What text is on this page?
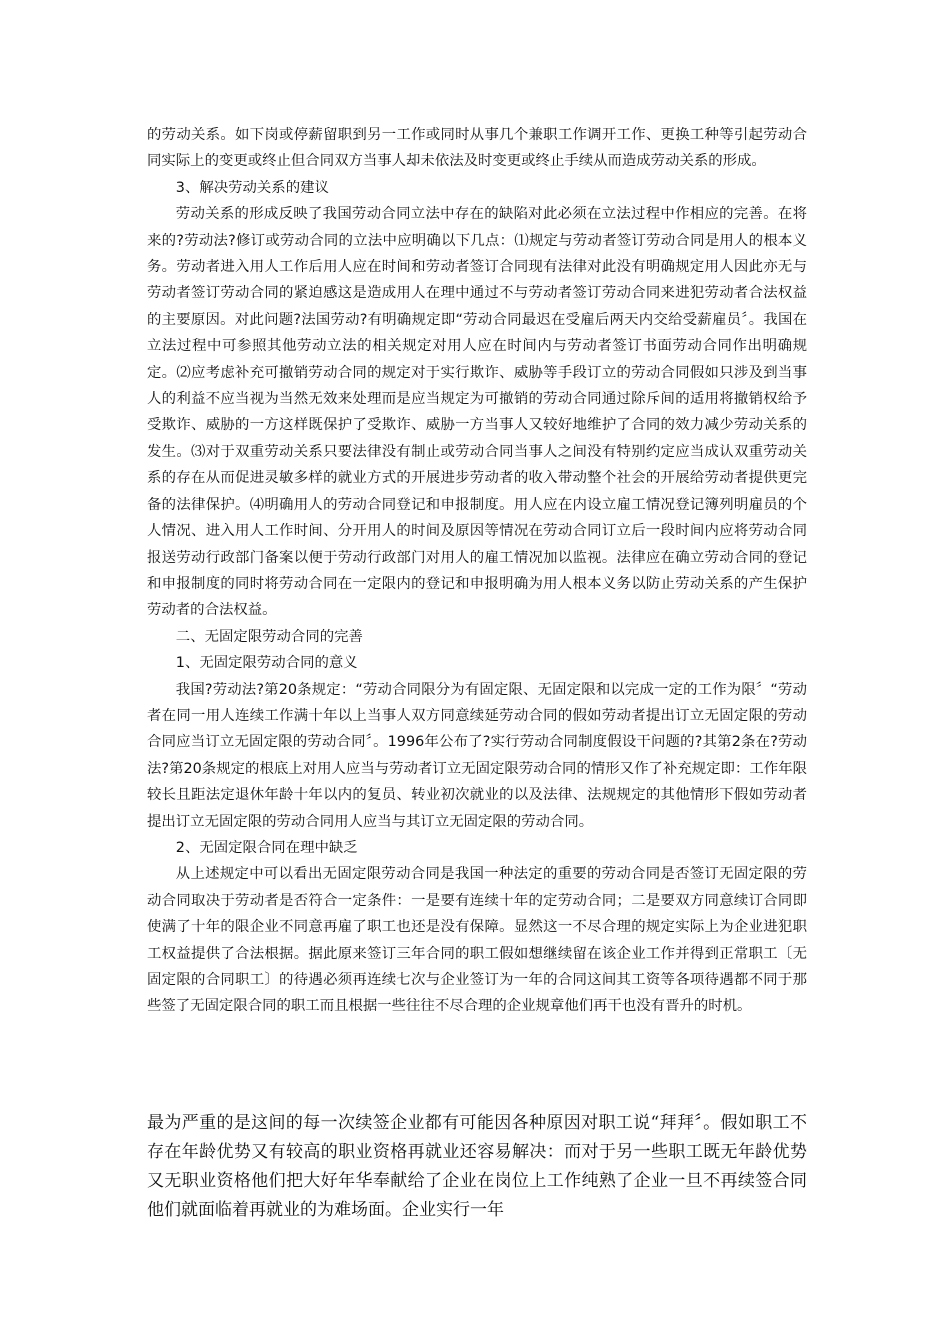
的劳动关系。如下岗或停薪留职到另一工作或同时从事几个兼职工作调开工作、更换工种等引起劳动合同实际上的变更或终止但合同双方当事人却未依法及时变更或终止手续从而造成劳动关系的形成。

3、解决劳动关系的建议

劳动关系的形成反映了我国劳动合同立法中存在的缺陷对此必须在立法过程中作相应的完善。在将来的?劳动法?修订或劳动合同的立法中应明确以下几点：⑴规定与劳动者签订劳动合同是用人的根本义务。劳动者进入用人工作后用人应在时间和劳动者签订合同现有法律对此没有明确规定用人因此亦无与劳动者签订劳动合同的紧迫感这是造成用人在理中通过不与劳动者签订劳动合同来进犯劳动者合法权益的主要原因。对此问题?法国劳动?有明确规定即“劳动合同最迟在受雇后两天内交给受薪雇员〞。我国在立法过程中可参照其他劳动立法的相关规定对用人应在时间内与劳动者签订书面劳动合同作出明确规定。⑵应考虑补充可撤销劳动合同的规定对于实行欺诈、威胁等手段订立的劳动合同假如只涉及到当事人的利益不应当视为当然无效来处理而是应当规定为可撤销的劳动合同通过除斥间的适用将撤销权给予受欺诈、威胁的一方这样既保护了受欺诈、威胁一方当事人又较好地维护了合同的效力减少劳动关系的发生。⑶对于双重劳动关系只要法律没有制止或劳动合同当事人之间没有特别约定应当成认双重劳动关系的存在从而促进灵敏多样的就业方式的开展进步劳动者的收入带动整个社会的开展给劳动者提供更完备的法律保护。⑷明确用人的劳动合同登记和申报制度。用人应在内设立雇工情况登记簿列明雇员的个人情况、进入用人工作时间、分开用人的时间及原因等情况在劳动合同订立后一段时间内应将劳动合同报送劳动行政部门备案以便于劳动行政部门对用人的雇工情况加以监视。法律应在确立劳动合同的登记和申报制度的同时将劳动合同在一定限内的登记和申报明确为用人根本义务以防止劳动关系的产生保护劳动者的合法权益。

二、无固定限劳动合同的完善

1、无固定限劳动合同的意义

我国?劳动法?第20条规定：“劳动合同限分为有固定限、无固定限和以完成一定的工作为限〞“劳动者在同一用人连续工作满十年以上当事人双方同意续延劳动合同的假如劳动者提出订立无固定限的劳动合同应当订立无固定限的劳动合同〞。1996年公布了?实行劳动合同制度假设干问题的?其第2条在?劳动法?第20条规定的根底上对用人应当与劳动者订立无固定限劳动合同的情形又作了补充规定即：工作年限较长且距法定退休年龄十年以内的复员、转业初次就业的以及法律、法规规定的其他情形下假如劳动者提出订立无固定限的劳动合同用人应当与其订立无固定限的劳动合同。

2、无固定限合同在理中缺乏

从上述规定中可以看出无固定限劳动合同是我国一种法定的重要的劳动合同是否签订无固定限的劳动合同取决于劳动者是否符合一定条件：一是要有连续十年的定劳动合同；二是要双方同意续订合同即使满了十年的限企业不同意再雇了职工也还是没有保障。显然这一不尽合理的规定实际上为企业进犯职工权益提供了合法根据。据此原来签订三年合同的职工假如想继续留在该企业工作并得到正常职工〔无固定限的合同职工〕的待遇必须再连续七次与企业签订为一年的合同这间其工资等各项待遇都不同于那些签了无固定限合同的职工而且根据一些往往不尽合理的企业规章他们再干也没有晋升的时机。

最为严重的是这间的每一次续签企业都有可能因各种原因对职工说“拜拜〞。假如职工不存在年龄优势又有较高的职业资格再就业还容易解决：而对于另一些职工既无年龄优势又无职业资格他们把大好年华奉献给了企业在岗位上工作纯熟了企业一旦不再续签合同他们就面临着再就业的为难场面。企业实行一年
